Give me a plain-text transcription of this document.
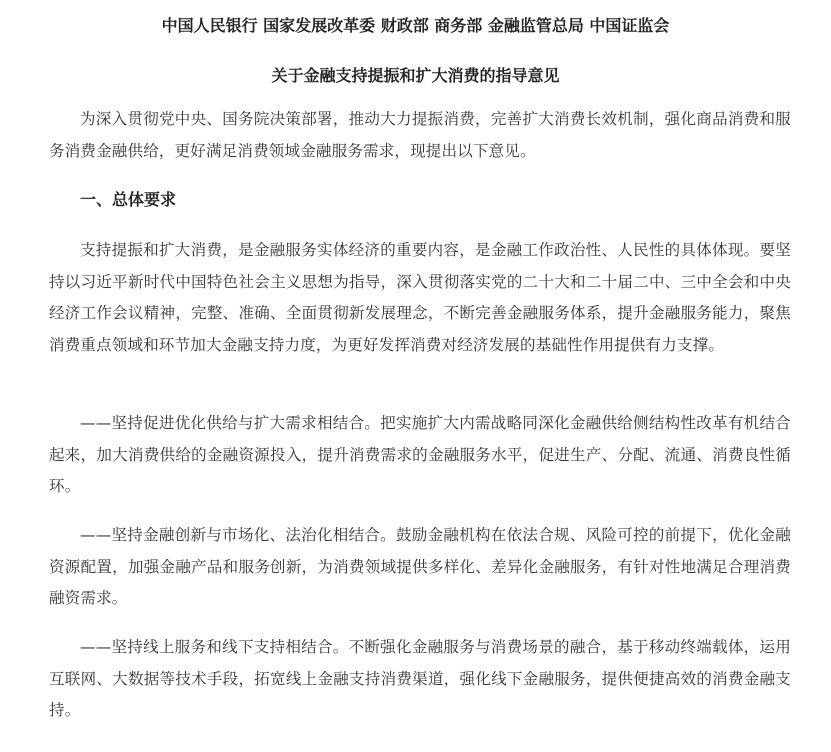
中国人民银行 国家发展改革委 财政部 商务部 金融监管总局 中国证监会
关于金融支持提振和扩大消费的指导意见

为深入贯彻党中央、国务院决策部署，推动大力提振消费，完善扩大消费长效机制，强化商品消费和服务消费金融供给，更好满足消费领域金融服务需求，现提出以下意见。

一、总体要求

支持提振和扩大消费，是金融服务实体经济的重要内容，是金融工作政治性、人民性的具体体现。要坚持以习近平新时代中国特色社会主义思想为指导，深入贯彻落实党的二十大和二十届二中、三中全会和中央经济工作会议精神，完整、准确、全面贯彻新发展理念，不断完善金融服务体系，提升金融服务能力，聚焦消费重点领域和环节加大金融支持力度，为更好发挥消费对经济发展的基础性作用提供有力支撑。

——坚持促进优化供给与扩大需求相结合。把实施扩大内需战略同深化金融供给侧结构性改革有机结合起来，加大消费供给的金融资源投入，提升消费需求的金融服务水平，促进生产、分配、流通、消费良性循环。

——坚持金融创新与市场化、法治化相结合。鼓励金融机构在依法合规、风险可控的前提下，优化金融资源配置，加强金融产品和服务创新，为消费领域提供多样化、差异化金融服务，有针对性地满足合理消费融资需求。

——坚持线上服务和线下支持相结合。不断强化金融服务与消费场景的融合，基于移动终端载体，运用互联网、大数据等技术手段，拓宽线上金融支持消费渠道，强化线下金融服务，提供便捷高效的消费金融支持。
